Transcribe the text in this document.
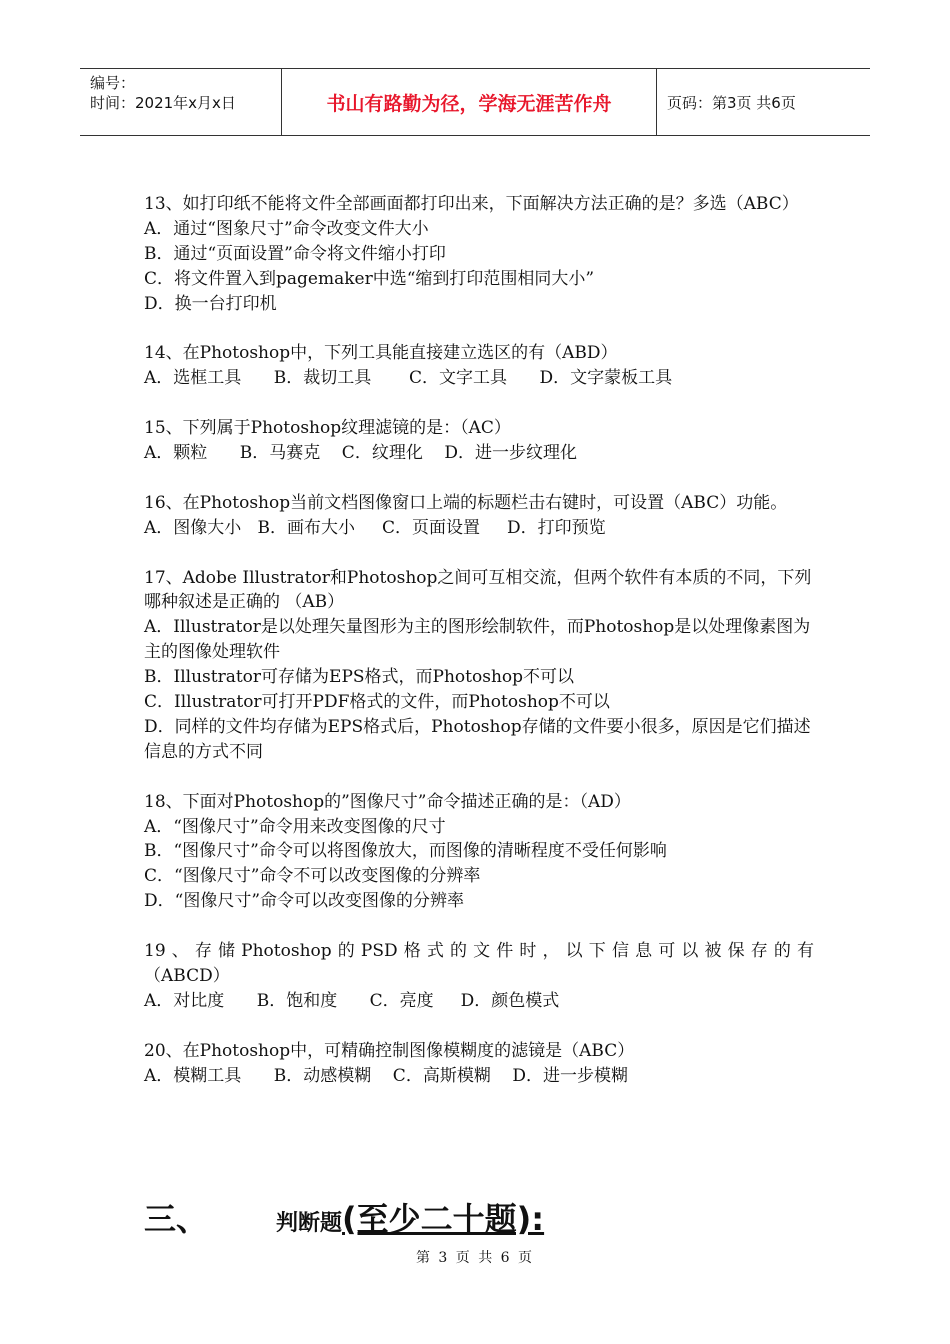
编号：
时间：2021年x月x日	书山有路勤为径，学海无涯苦作舟	页码：第3页 共6页
13、如打印纸不能将文件全部画面都打印出来，下面解决方法正确的是？多选（ABC）
A．通过“图象尺寸”命令改变文件大小
B．通过“页面设置”命令将文件缩小打印
C．将文件置入到pagemaker中选“缩到打印范围相同大小”
D．换一台打印机
14、在Photoshop中，下列工具能直接建立选区的有（ABD）
A．选框工具      B．裁切工具       C．文字工具      D．文字蒙板工具
15、下列属于Photoshop纹理滤镜的是：（AC）
A．颗粒      B．马赛克    C．纹理化    D．进一步纹理化
16、在Photoshop当前文档图像窗口上端的标题栏击右键时，可设置（ABC）功能。
A．图像大小   B．画布大小     C．页面设置     D．打印预览
17、Adobe Illustrator和Photoshop之间可互相交流，但两个软件有本质的不同，下列哪种叙述是正确的 （AB）
A．Illustrator是以处理矢量图形为主的图形绘制软件，而Photoshop是以处理像素图为主的图像处理软件
B．Illustrator可存储为EPS格式，而Photoshop不可以
C．Illustrator可打开PDF格式的文件，而Photoshop不可以
D．同样的文件均存储为EPS格式后，Photoshop存储的文件要小很多，原因是它们描述信息的方式不同
18、下面对Photoshop的”图像尺寸”命令描述正确的是：（AD）
A．“图像尺寸”命令用来改变图像的尺寸
B．“图像尺寸”命令可以将图像放大，而图像的清晰程度不受任何影响
C．“图像尺寸”命令不可以改变图像的分辨率
D．“图像尺寸”命令可以改变图像的分辨率
19、存储Photoshop的PSD格式的文件时，以下信息可以被保存的有
（ABCD）
A．对比度      B．饱和度      C．亮度     D．颜色模式
20、在Photoshop中，可精确控制图像模糊度的滤镜是（ABC）
A．模糊工具      B．动感模糊    C．高斯模糊    D．进一步模糊
三、	判断题(至少二十题):
第 3 页 共 6 页
